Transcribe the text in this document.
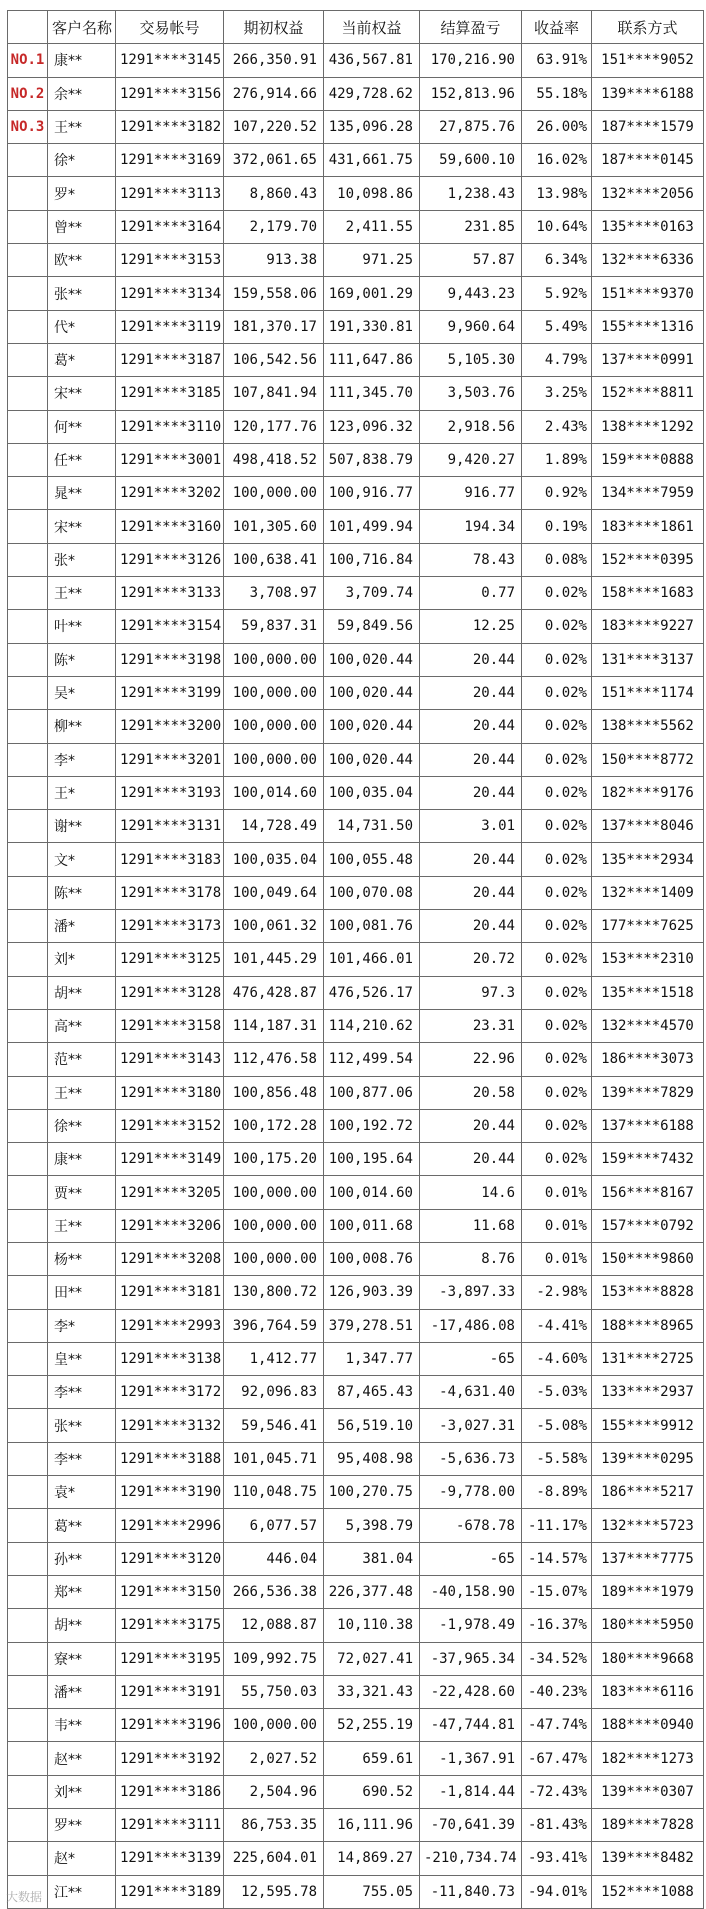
	客户名称	交易帐号	期初权益	当前权益	结算盈亏	收益率	联系方式
NO.1	康**	1291****3145	266,350.91	436,567.81	170,216.90	63.91%	151****9052
NO.2	余**	1291****3156	276,914.66	429,728.62	152,813.96	55.18%	139****6188
NO.3	王**	1291****3182	107,220.52	135,096.28	27,875.76	26.00%	187****1579
	徐*	1291****3169	372,061.65	431,661.75	59,600.10	16.02%	187****0145
	罗*	1291****3113	8,860.43	10,098.86	1,238.43	13.98%	132****2056
	曾**	1291****3164	2,179.70	2,411.55	231.85	10.64%	135****0163
	欧**	1291****3153	913.38	971.25	57.87	6.34%	132****6336
	张**	1291****3134	159,558.06	169,001.29	9,443.23	5.92%	151****9370
	代*	1291****3119	181,370.17	191,330.81	9,960.64	5.49%	155****1316
	葛*	1291****3187	106,542.56	111,647.86	5,105.30	4.79%	137****0991
	宋**	1291****3185	107,841.94	111,345.70	3,503.76	3.25%	152****8811
	何**	1291****3110	120,177.76	123,096.32	2,918.56	2.43%	138****1292
	任**	1291****3001	498,418.52	507,838.79	9,420.27	1.89%	159****0888
	晁**	1291****3202	100,000.00	100,916.77	916.77	0.92%	134****7959
	宋**	1291****3160	101,305.60	101,499.94	194.34	0.19%	183****1861
	张*	1291****3126	100,638.41	100,716.84	78.43	0.08%	152****0395
	王**	1291****3133	3,708.97	3,709.74	0.77	0.02%	158****1683
	叶**	1291****3154	59,837.31	59,849.56	12.25	0.02%	183****9227
	陈*	1291****3198	100,000.00	100,020.44	20.44	0.02%	131****3137
	吴*	1291****3199	100,000.00	100,020.44	20.44	0.02%	151****1174
	柳**	1291****3200	100,000.00	100,020.44	20.44	0.02%	138****5562
	李*	1291****3201	100,000.00	100,020.44	20.44	0.02%	150****8772
	王*	1291****3193	100,014.60	100,035.04	20.44	0.02%	182****9176
	谢**	1291****3131	14,728.49	14,731.50	3.01	0.02%	137****8046
	文*	1291****3183	100,035.04	100,055.48	20.44	0.02%	135****2934
	陈**	1291****3178	100,049.64	100,070.08	20.44	0.02%	132****1409
	潘*	1291****3173	100,061.32	100,081.76	20.44	0.02%	177****7625
	刘*	1291****3125	101,445.29	101,466.01	20.72	0.02%	153****2310
	胡**	1291****3128	476,428.87	476,526.17	97.3	0.02%	135****1518
	高**	1291****3158	114,187.31	114,210.62	23.31	0.02%	132****4570
	范**	1291****3143	112,476.58	112,499.54	22.96	0.02%	186****3073
	王**	1291****3180	100,856.48	100,877.06	20.58	0.02%	139****7829
	徐**	1291****3152	100,172.28	100,192.72	20.44	0.02%	137****6188
	康**	1291****3149	100,175.20	100,195.64	20.44	0.02%	159****7432
	贾**	1291****3205	100,000.00	100,014.60	14.6	0.01%	156****8167
	王**	1291****3206	100,000.00	100,011.68	11.68	0.01%	157****0792
	杨**	1291****3208	100,000.00	100,008.76	8.76	0.01%	150****9860
	田**	1291****3181	130,800.72	126,903.39	-3,897.33	-2.98%	153****8828
	李*	1291****2993	396,764.59	379,278.51	-17,486.08	-4.41%	188****8965
	皇**	1291****3138	1,412.77	1,347.77	-65	-4.60%	131****2725
	李**	1291****3172	92,096.83	87,465.43	-4,631.40	-5.03%	133****2937
	张**	1291****3132	59,546.41	56,519.10	-3,027.31	-5.08%	155****9912
	李**	1291****3188	101,045.71	95,408.98	-5,636.73	-5.58%	139****0295
	袁*	1291****3190	110,048.75	100,270.75	-9,778.00	-8.89%	186****5217
	葛**	1291****2996	6,077.57	5,398.79	-678.78	-11.17%	132****5723
	孙**	1291****3120	446.04	381.04	-65	-14.57%	137****7775
	郑**	1291****3150	266,536.38	226,377.48	-40,158.90	-15.07%	189****1979
	胡**	1291****3175	12,088.87	10,110.38	-1,978.49	-16.37%	180****5950
	寮**	1291****3195	109,992.75	72,027.41	-37,965.34	-34.52%	180****9668
	潘**	1291****3191	55,750.03	33,321.43	-22,428.60	-40.23%	183****6116
	韦**	1291****3196	100,000.00	52,255.19	-47,744.81	-47.74%	188****0940
	赵**	1291****3192	2,027.52	659.61	-1,367.91	-67.47%	182****1273
	刘**	1291****3186	2,504.96	690.52	-1,814.44	-72.43%	139****0307
	罗**	1291****3111	86,753.35	16,111.96	-70,641.39	-81.43%	189****7828
	赵*	1291****3139	225,604.01	14,869.27	-210,734.74	-93.41%	139****8482
	江**	1291****3189	12,595.78	755.05	-11,840.73	-94.01%	152****1088
大数据
